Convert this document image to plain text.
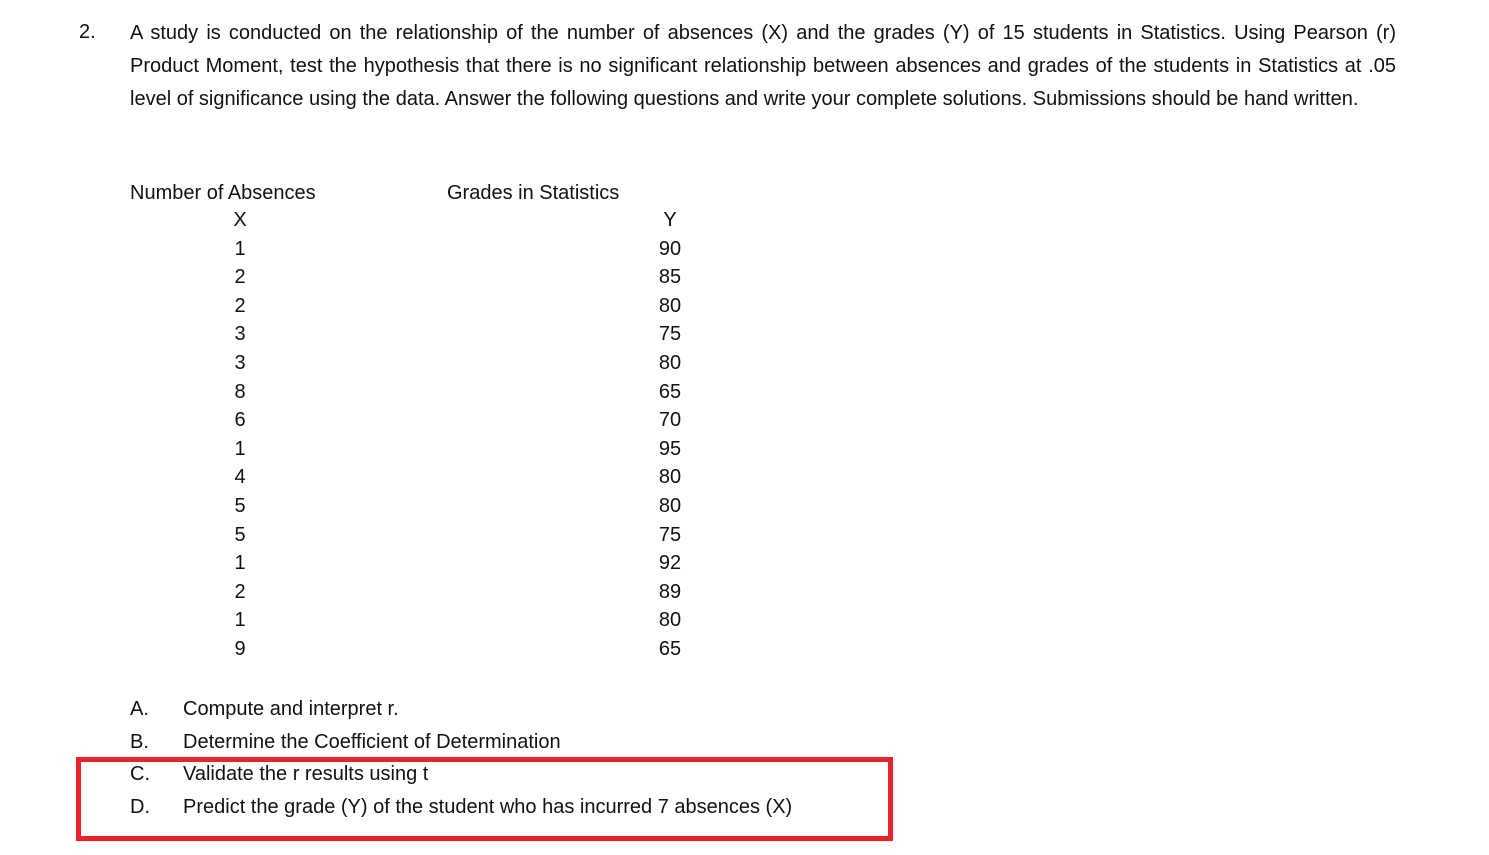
2. A study is conducted on the relationship of the number of absences (X) and the grades (Y) of 15 students in Statistics. Using Pearson (r) Product Moment, test the hypothesis that there is no significant relationship between absences and grades of the students in Statistics at .05 level of significance using the data. Answer the following questions and write your complete solutions. Submissions should be hand written.
Number of Absences	Grades in Statistics
X
1
2
2
3
3
8
6
1
4
5
5
1
2
1
9
Y
90
85
80
75
80
65
70
95
80
80
75
92
89
80
65
A. Compute and interpret r.
B. Determine the Coefficient of Determination
C. Validate the r results using t
D. Predict the grade (Y) of the student who has incurred 7 absences (X)
